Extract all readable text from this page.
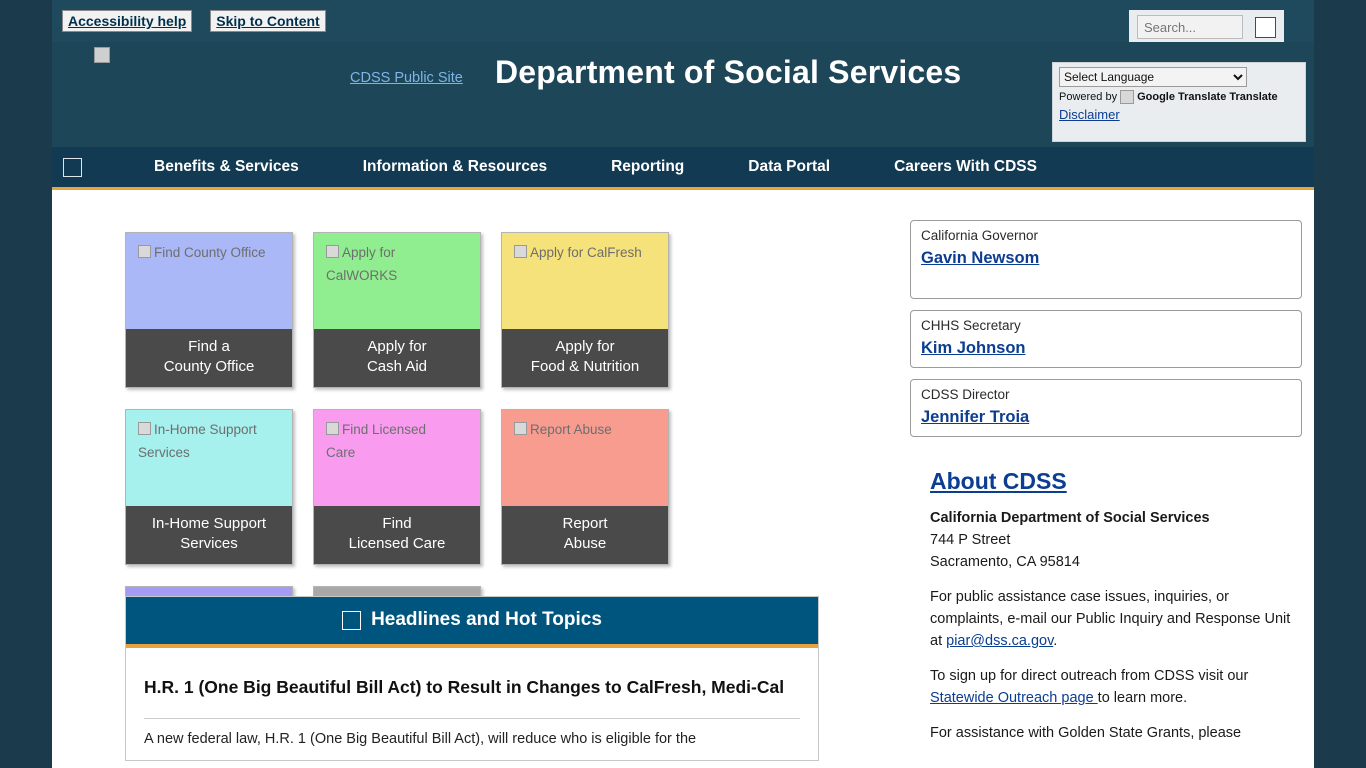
Accessibility help	Skip to Content
Search...
CDSS Public Site Department of Social Services
Select Language
Powered by Google Translate Translate
Disclaimer
Benefits & Services	Information & Resources	Reporting	Data Portal	Careers With CDSS
Find County Office
Find a
County Office
Apply for CalWORKS
Apply for
Cash Aid
Apply for CalFresh
Apply for
Food & Nutrition
In-Home Support Services
In-Home Support
Services
Find Licensed Care
Find
Licensed Care
Report Abuse
Report
Abuse
Headlines and Hot Topics
H.R. 1 (One Big Beautiful Bill Act) to Result in Changes to CalFresh, Medi-Cal
A new federal law, H.R. 1 (One Big Beautiful Bill Act), will reduce who is eligible for the
California Governor
Gavin Newsom
CHHS Secretary
Kim Johnson
CDSS Director
Jennifer Troia
About CDSS
California Department of Social Services
744 P Street
Sacramento, CA 95814

For public assistance case issues, inquiries, or complaints, e-mail our Public Inquiry and Response Unit at piar@dss.ca.gov.

To sign up for direct outreach from CDSS visit our Statewide Outreach page to learn more.

For assistance with Golden State Grants, please
